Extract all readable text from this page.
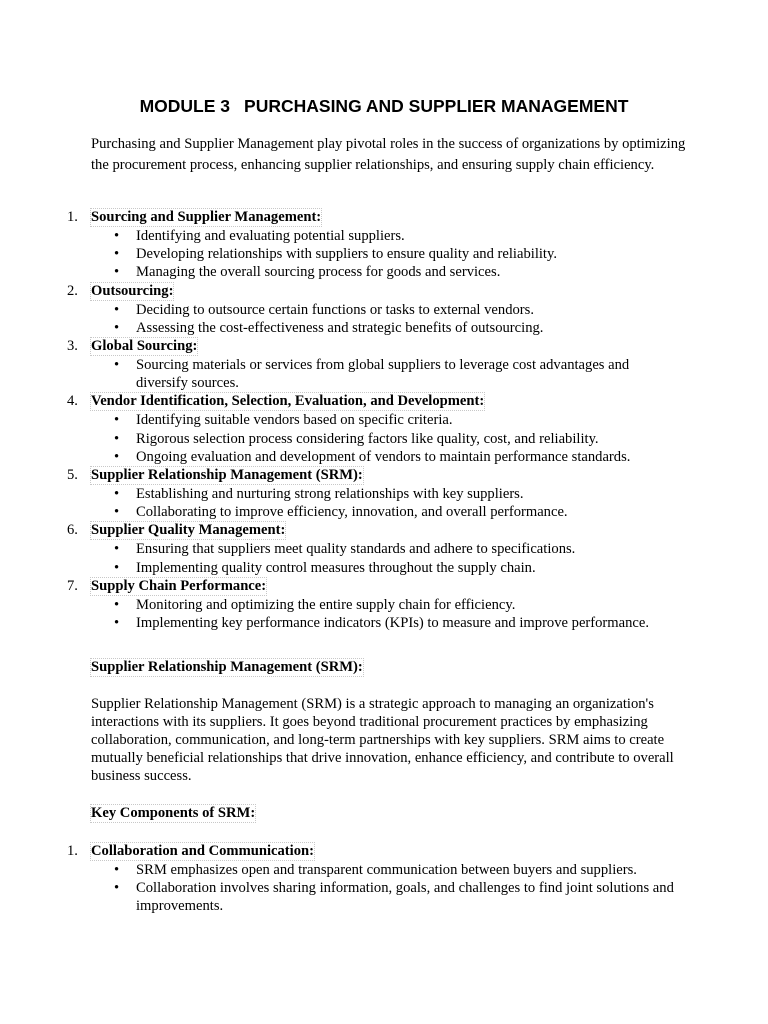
MODULE 3 PURCHASING AND SUPPLIER MANAGEMENT
Purchasing and Supplier Management play pivotal roles in the success of organizations by optimizing the procurement process, enhancing supplier relationships, and ensuring supply chain efficiency.
1. Sourcing and Supplier Management:
• Identifying and evaluating potential suppliers.
• Developing relationships with suppliers to ensure quality and reliability.
• Managing the overall sourcing process for goods and services.
2. Outsourcing:
• Deciding to outsource certain functions or tasks to external vendors.
• Assessing the cost-effectiveness and strategic benefits of outsourcing.
3. Global Sourcing:
• Sourcing materials or services from global suppliers to leverage cost advantages and diversify sources.
4. Vendor Identification, Selection, Evaluation, and Development:
• Identifying suitable vendors based on specific criteria.
• Rigorous selection process considering factors like quality, cost, and reliability.
• Ongoing evaluation and development of vendors to maintain performance standards.
5. Supplier Relationship Management (SRM):
• Establishing and nurturing strong relationships with key suppliers.
• Collaborating to improve efficiency, innovation, and overall performance.
6. Supplier Quality Management:
• Ensuring that suppliers meet quality standards and adhere to specifications.
• Implementing quality control measures throughout the supply chain.
7. Supply Chain Performance:
• Monitoring and optimizing the entire supply chain for efficiency.
• Implementing key performance indicators (KPIs) to measure and improve performance.
Supplier Relationship Management (SRM):
Supplier Relationship Management (SRM) is a strategic approach to managing an organization's interactions with its suppliers. It goes beyond traditional procurement practices by emphasizing collaboration, communication, and long-term partnerships with key suppliers. SRM aims to create mutually beneficial relationships that drive innovation, enhance efficiency, and contribute to overall business success.
Key Components of SRM:
1. Collaboration and Communication:
• SRM emphasizes open and transparent communication between buyers and suppliers.
• Collaboration involves sharing information, goals, and challenges to find joint solutions and improvements.
